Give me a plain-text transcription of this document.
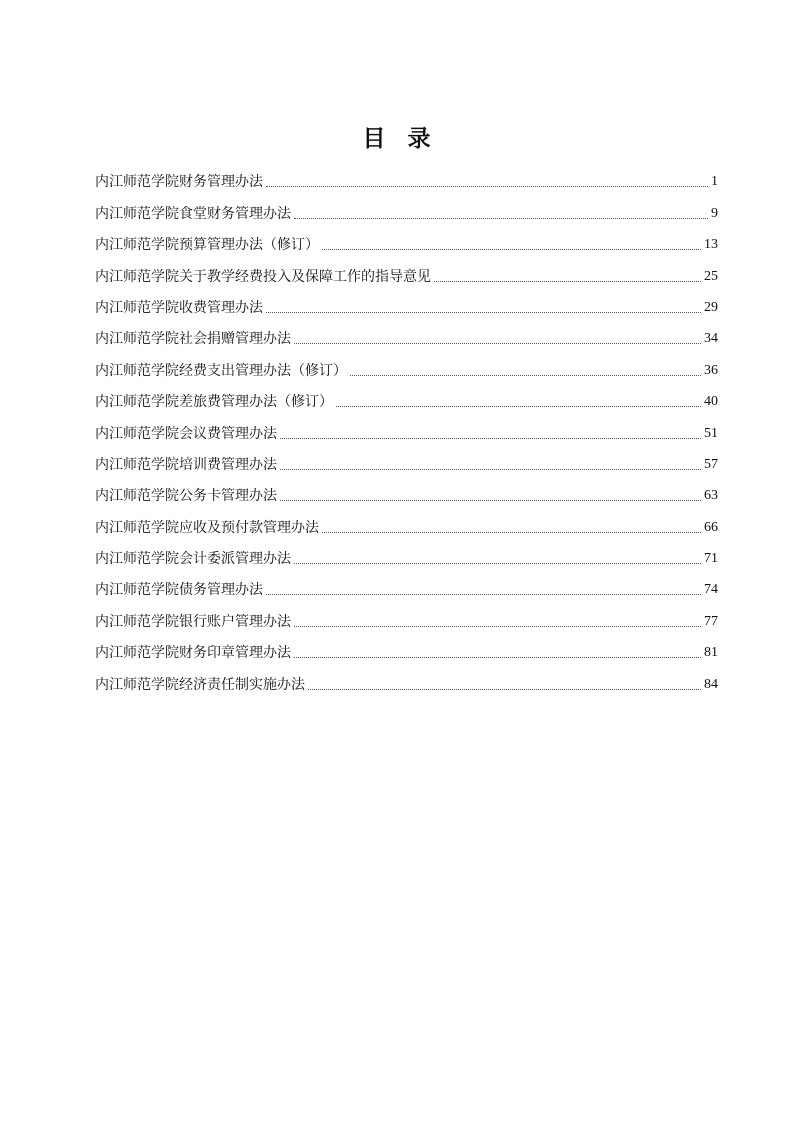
目 录
内江师范学院财务管理办法	1
内江师范学院食堂财务管理办法	9
内江师范学院预算管理办法（修订）	13
内江师范学院关于教学经费投入及保障工作的指导意见	25
内江师范学院收费管理办法	29
内江师范学院社会捐赠管理办法	34
内江师范学院经费支出管理办法（修订）	36
内江师范学院差旅费管理办法（修订）	40
内江师范学院会议费管理办法	51
内江师范学院培训费管理办法	57
内江师范学院公务卡管理办法	63
内江师范学院应收及预付款管理办法	66
内江师范学院会计委派管理办法	71
内江师范学院债务管理办法	74
内江师范学院银行账户管理办法	77
内江师范学院财务印章管理办法	81
内江师范学院经济责任制实施办法	84
